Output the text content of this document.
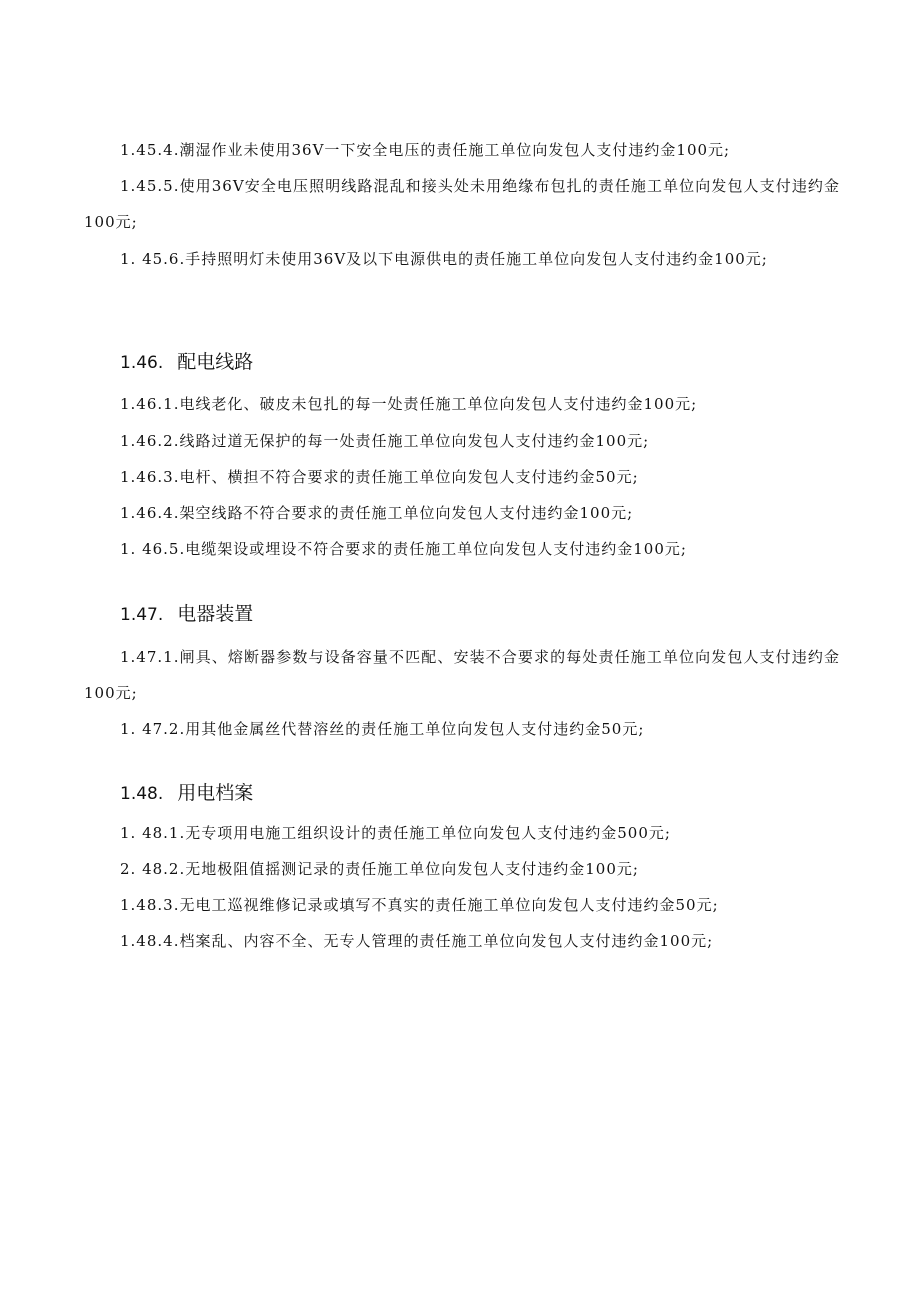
1.45.4.潮湿作业未使用36V一下安全电压的责任施工单位向发包人支付违约金100元;

1.45.5.使用36V安全电压照明线路混乱和接头处未用绝缘布包扎的责任施工单位向发包人支付违约金100元;

1. 45.6.手持照明灯未使用36V及以下电源供电的责任施工单位向发包人支付违约金100元;

1.46. 配电线路

1.46.1.电线老化、破皮未包扎的每一处责任施工单位向发包人支付违约金100元;

1.46.2.线路过道无保护的每一处责任施工单位向发包人支付违约金100元;

1.46.3.电杆、横担不符合要求的责任施工单位向发包人支付违约金50元;

1.46.4.架空线路不符合要求的责任施工单位向发包人支付违约金100元;

1. 46.5.电缆架设或埋设不符合要求的责任施工单位向发包人支付违约金100元;

1.47. 电器装置

1.47.1.闸具、熔断器参数与设备容量不匹配、安装不合要求的每处责任施工单位向发包人支付违约金100元;

1. 47.2.用其他金属丝代替溶丝的责任施工单位向发包人支付违约金50元;

1.48. 用电档案

1. 48.1.无专项用电施工组织设计的责任施工单位向发包人支付违约金500元;

2. 48.2.无地极阻值摇测记录的责任施工单位向发包人支付违约金100元;

1.48.3.无电工巡视维修记录或填写不真实的责任施工单位向发包人支付违约金50元;

1.48.4.档案乱、内容不全、无专人管理的责任施工单位向发包人支付违约金100元;
